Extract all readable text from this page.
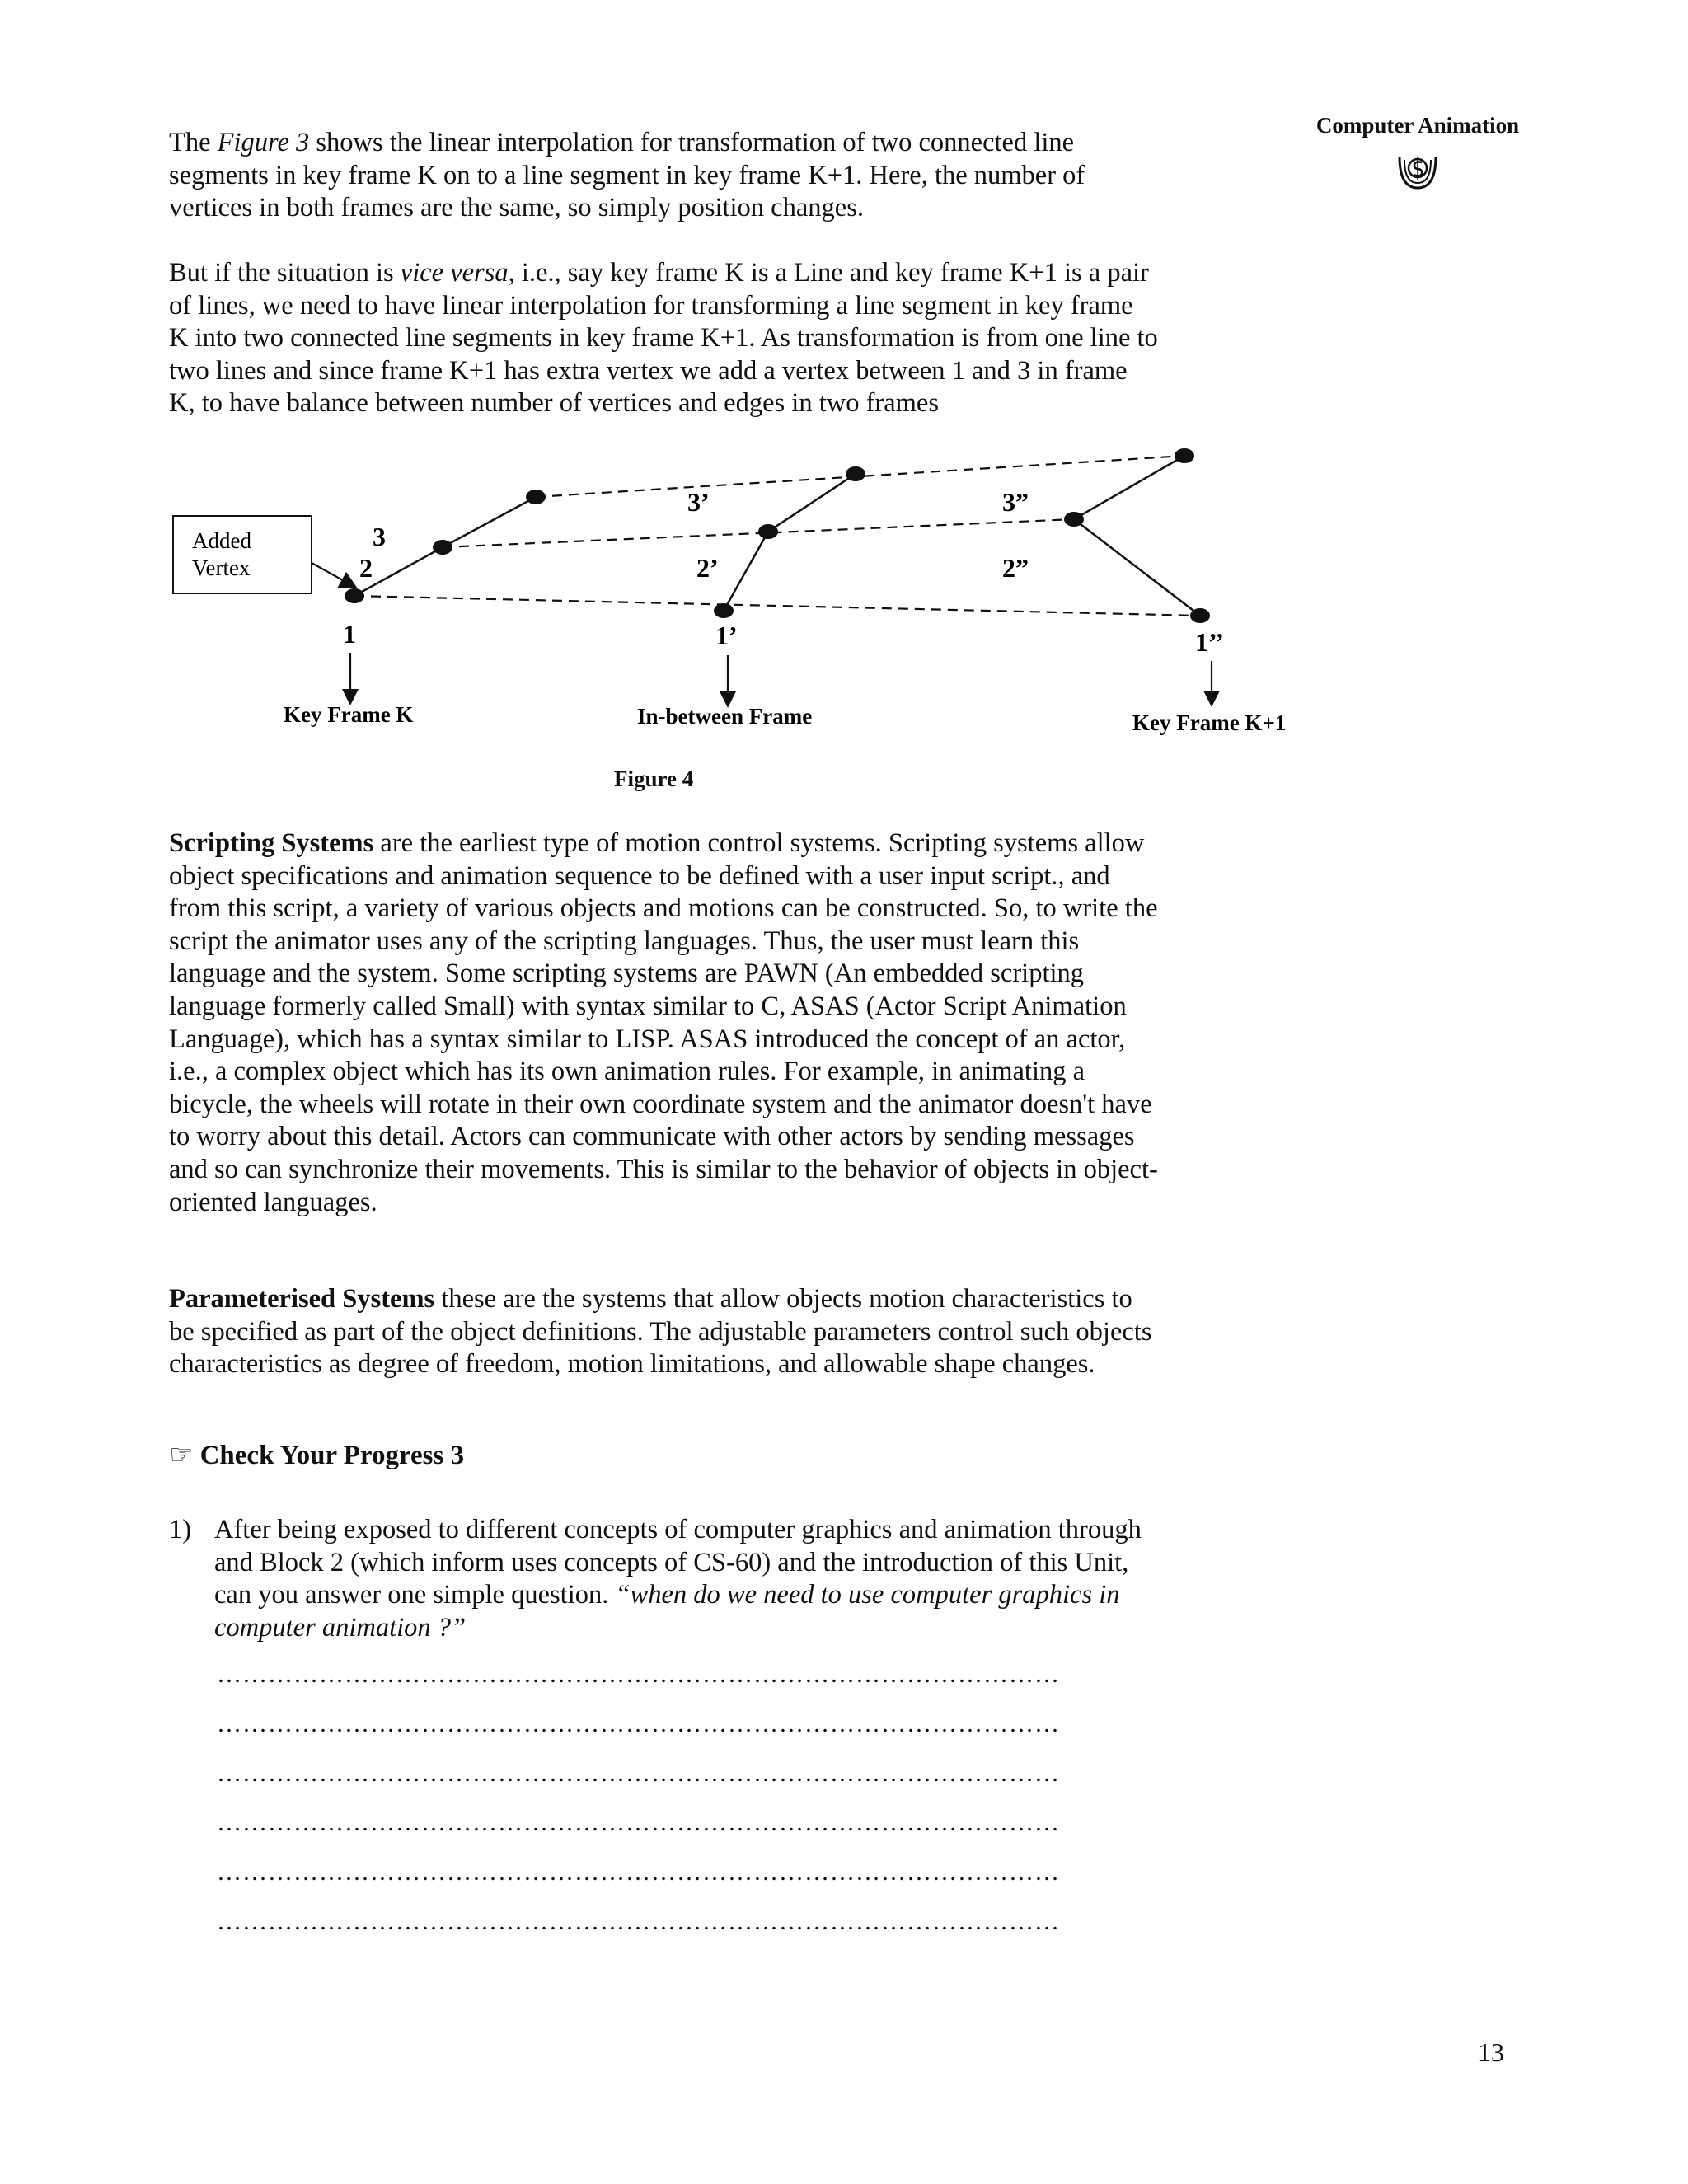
Computer Animation

The Figure 3 shows the linear interpolation for transformation of two connected line segments in key frame K on to a line segment in key frame K+1. Here, the number of vertices in both frames are the same, so simply position changes.

But if the situation is vice versa, i.e., say key frame K is a Line and key frame K+1 is a pair of lines, we need to have linear interpolation for transforming a line segment in key frame K into two connected line segments in key frame K+1. As transformation is from one line to two lines and since frame K+1 has extra vertex we add a vertex between 1 and 3 in frame K, to have balance between number of vertices and edges in two frames

Added
Vertex
3
2
1
3’
2’
1’
3”
2”
1’’
Key Frame K	In-between Frame	Key Frame K+1
Figure 4

Scripting Systems are the earliest type of motion control systems. Scripting systems allow object specifications and animation sequence to be defined with a user input script., and from this script, a variety of various objects and motions can be constructed. So, to write the script the animator uses any of the scripting languages. Thus, the user must learn this language and the system. Some scripting systems are PAWN (An embedded scripting language formerly called Small) with syntax similar to C, ASAS (Actor Script Animation Language), which has a syntax similar to LISP. ASAS introduced the concept of an actor, i.e., a complex object which has its own animation rules. For example, in animating a bicycle, the wheels will rotate in their own coordinate system and the animator doesn't have to worry about this detail. Actors can communicate with other actors by sending messages and so can synchronize their movements. This is similar to the behavior of objects in object-oriented languages.

Parameterised Systems these are the systems that allow objects motion characteristics to be specified as part of the object definitions. The adjustable parameters control such objects characteristics as degree of freedom, motion limitations, and allowable shape changes.

☞ Check Your Progress 3
1) After being exposed to different concepts of computer graphics and animation through and Block 2 (which inform uses concepts of CS-60) and the introduction of this Unit, can you answer one simple question. “when do we need to use computer graphics in computer animation ?”
………………………………………………………………………………………
………………………………………………………………………………………
………………………………………………………………………………………
………………………………………………………………………………………
………………………………………………………………………………………
………………………………………………………………………………………
13
